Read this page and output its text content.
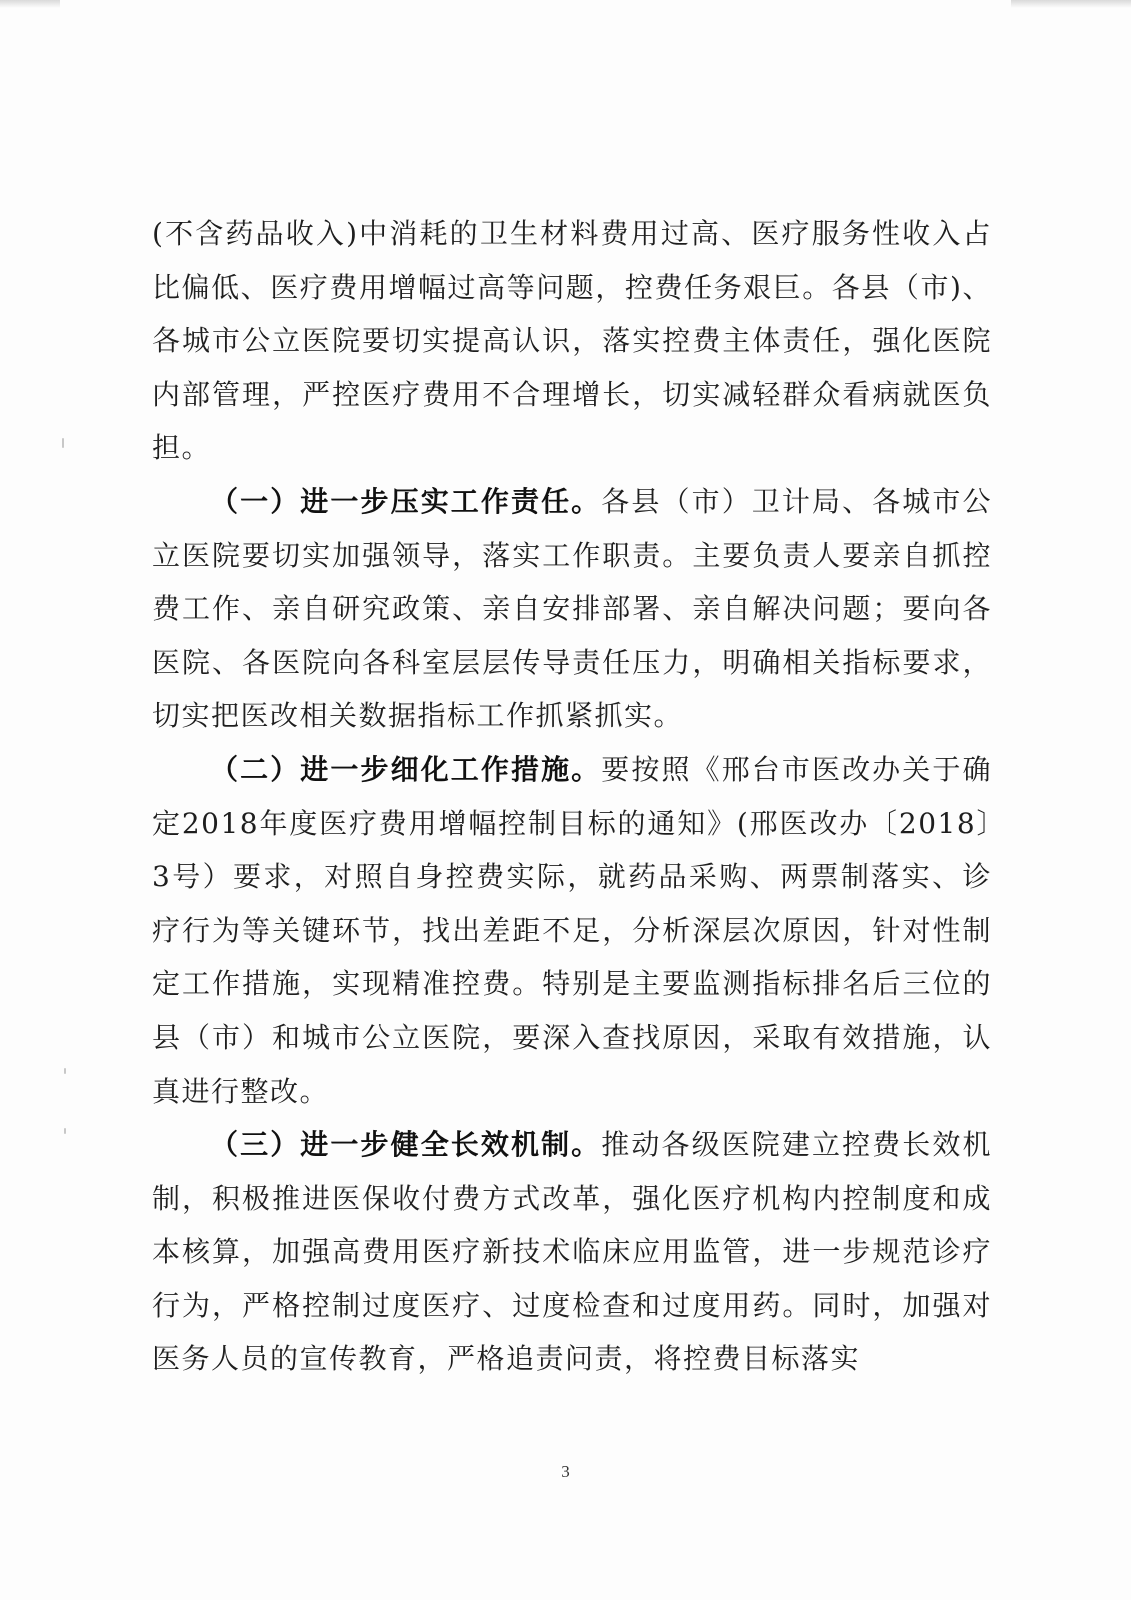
(不含药品收入)中消耗的卫生材料费用过高、医疗服务性收入占比偏低、医疗费用增幅过高等问题，控费任务艰巨。各县（市)、各城市公立医院要切实提高认识，落实控费主体责任，强化医院内部管理，严控医疗费用不合理增长，切实减轻群众看病就医负担。

（一）进一步压实工作责任。各县（市）卫计局、各城市公立医院要切实加强领导，落实工作职责。主要负责人要亲自抓控费工作、亲自研究政策、亲自安排部署、亲自解决问题；要向各医院、各医院向各科室层层传导责任压力，明确相关指标要求，切实把医改相关数据指标工作抓紧抓实。

（二）进一步细化工作措施。要按照《邢台市医改办关于确定2018年度医疗费用增幅控制目标的通知》(邢医改办〔2018〕3号）要求，对照自身控费实际，就药品采购、两票制落实、诊疗行为等关键环节，找出差距不足，分析深层次原因，针对性制定工作措施，实现精准控费。特别是主要监测指标排名后三位的县（市）和城市公立医院，要深入查找原因，采取有效措施，认真进行整改。

（三）进一步健全长效机制。推动各级医院建立控费长效机制，积极推进医保收付费方式改革，强化医疗机构内控制度和成本核算，加强高费用医疗新技术临床应用监管，进一步规范诊疗行为，严格控制过度医疗、过度检查和过度用药。同时，加强对医务人员的宣传教育，严格追责问责，将控费目标落实

3
